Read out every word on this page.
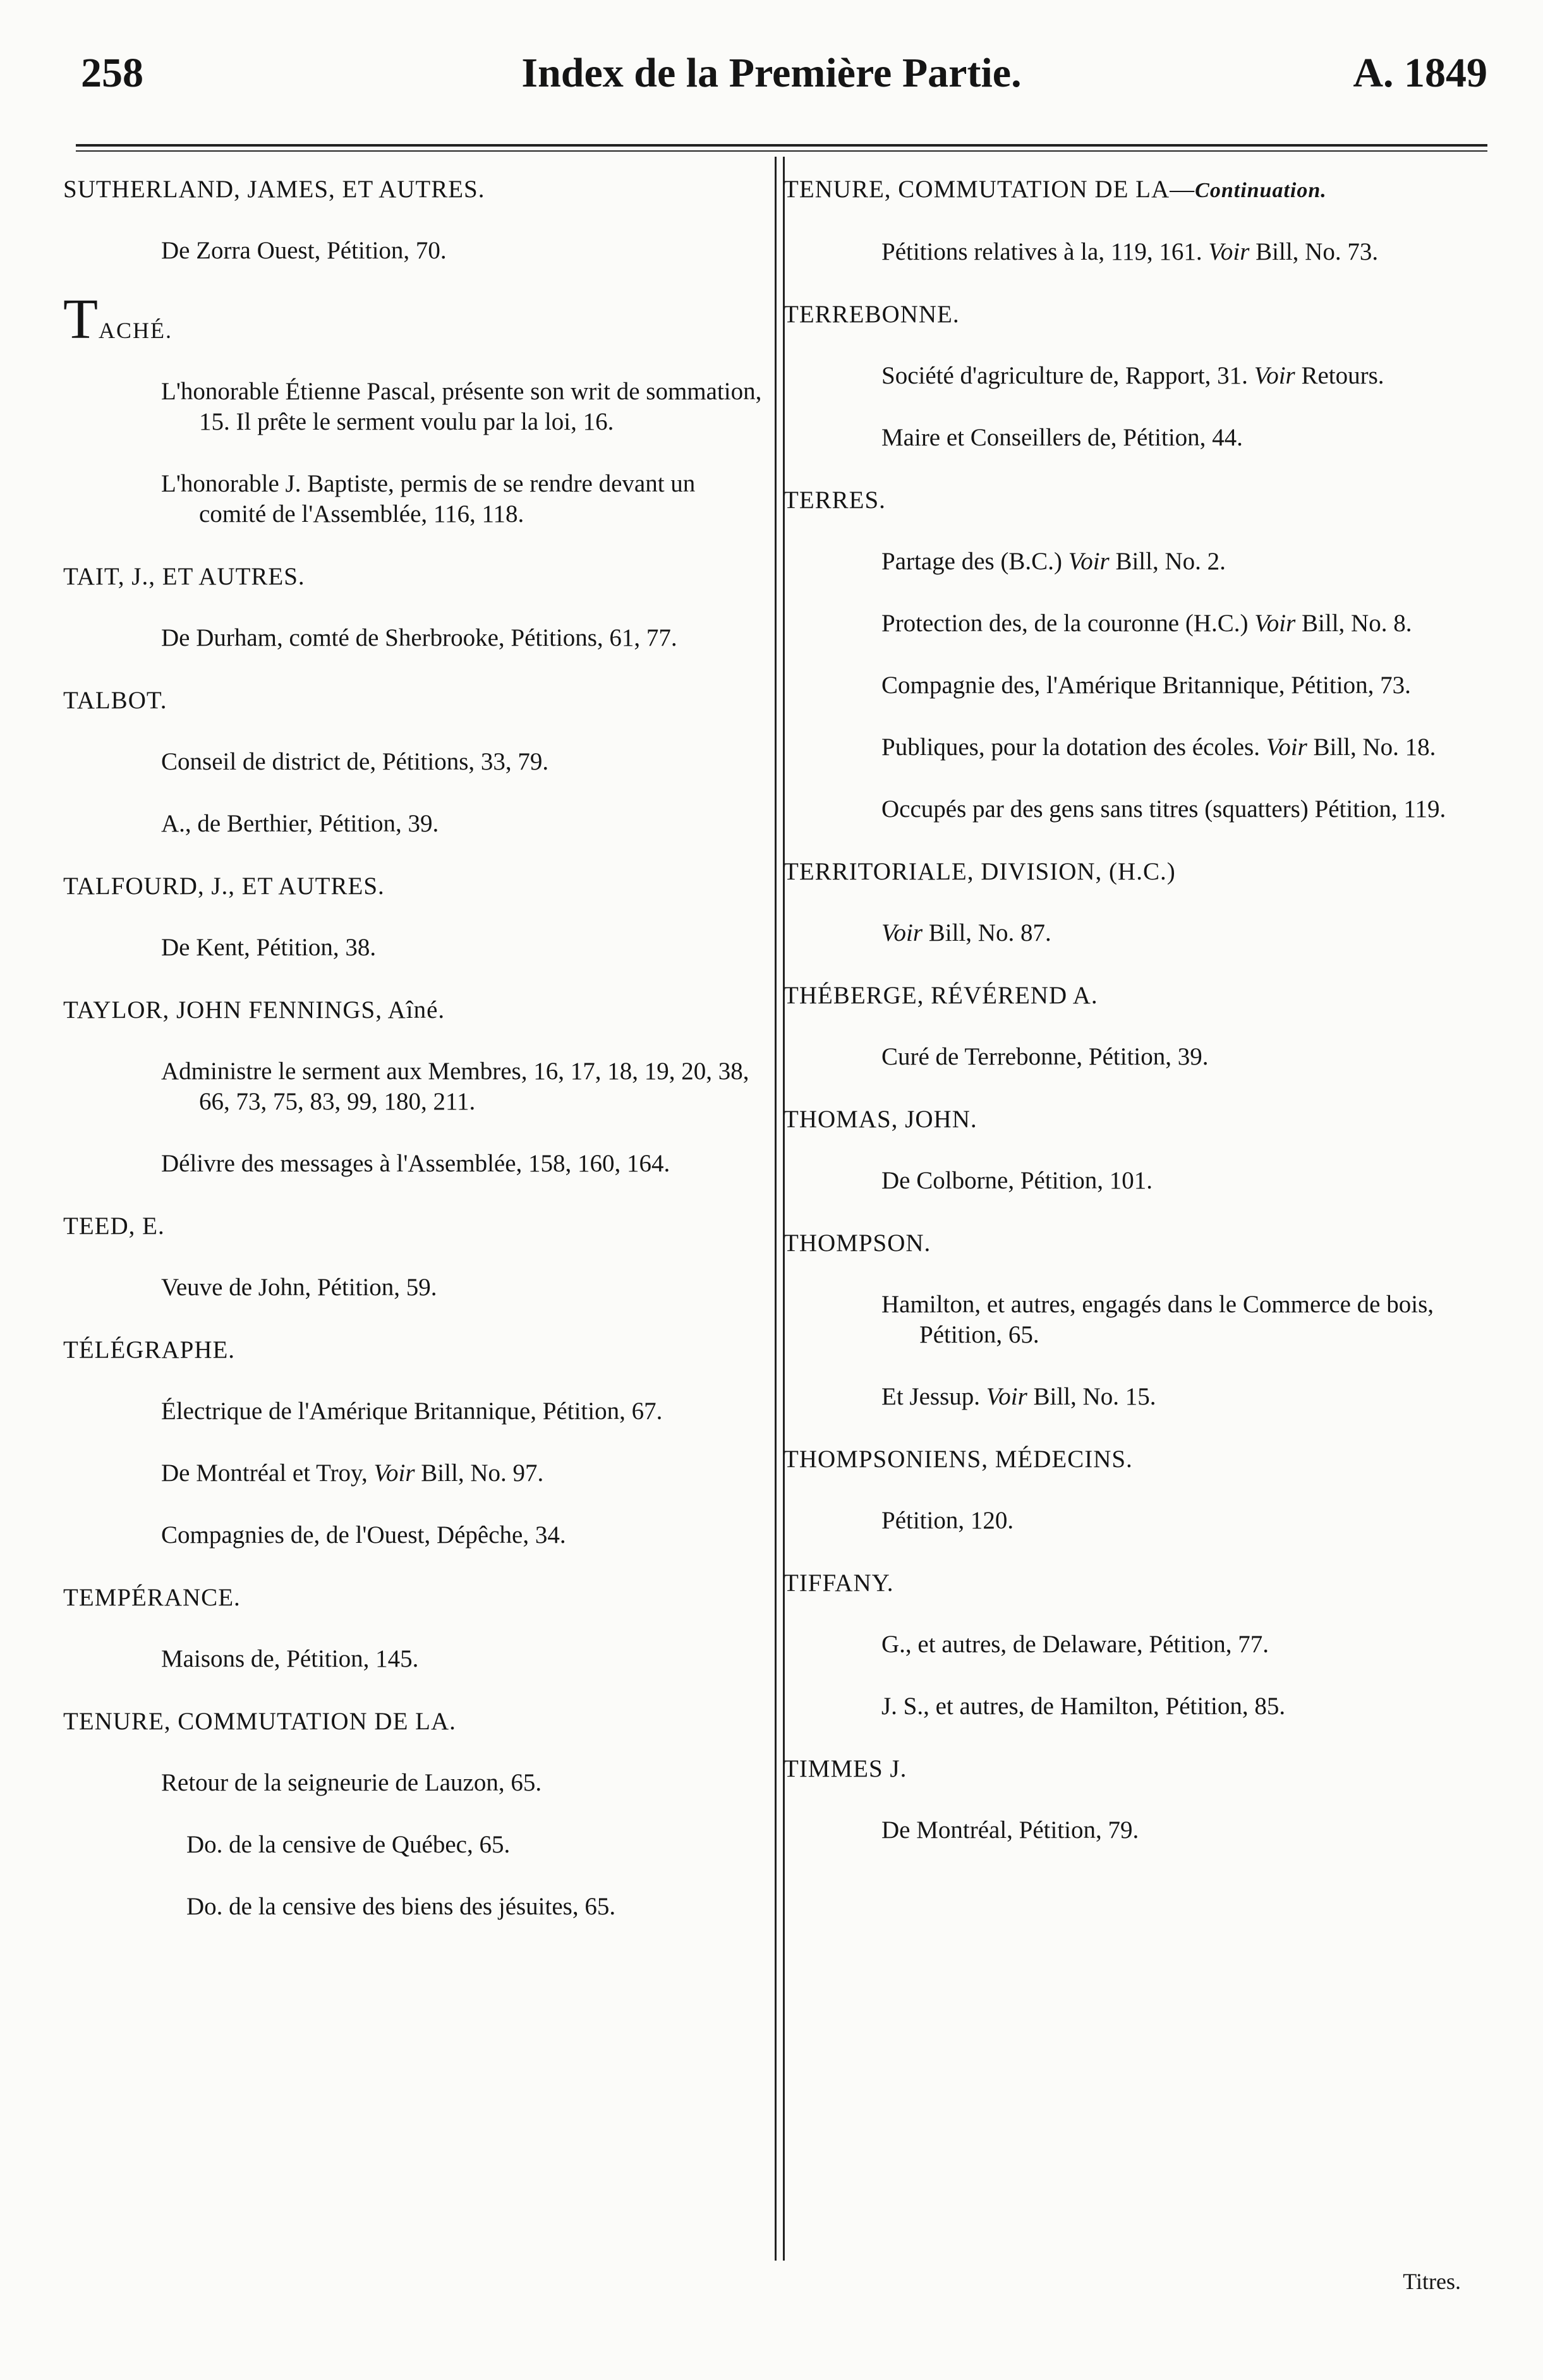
258	Index de la Première Partie.	A. 1849
SUTHERLAND, JAMES, ET AUTRES.
De Zorra Ouest, Pétition, 70.
TACHÉ.
L'honorable Étienne Pascal, présente son writ de sommation, 15. Il prête le serment voulu par la loi, 16.
L'honorable J. Baptiste, permis de se rendre devant un comité de l'Assemblée, 116, 118.
TAIT, J., ET AUTRES.
De Durham, comté de Sherbrooke, Pétitions, 61, 77.
TALBOT.
Conseil de district de, Pétitions, 33, 79.
A., de Berthier, Pétition, 39.
TALFOURD, J., ET AUTRES.
De Kent, Pétition, 38.
TAYLOR, JOHN FENNINGS, Aîné.
Administre le serment aux Membres, 16, 17, 18, 19, 20, 38, 66, 73, 75, 83, 99, 180, 211.
Délivre des messages à l'Assemblée, 158, 160, 164.
TEED, E.
Veuve de John, Pétition, 59.
TÉLÉGRAPHE.
Électrique de l'Amérique Britannique, Pétition, 67.
De Montréal et Troy, Voir Bill, No. 97.
Compagnies de, de l'Ouest, Dépêche, 34.
TEMPÉRANCE.
Maisons de, Pétition, 145.
TENURE, COMMUTATION DE LA.
Retour de la seigneurie de Lauzon, 65.
Do. de la censive de Québec, 65.
Do. de la censive des biens des jésuites, 65.
TENURE, COMMUTATION DE LA—Continuation.
Pétitions relatives à la, 119, 161. Voir Bill, No. 73.
TERREBONNE.
Société d'agriculture de, Rapport, 31. Voir Retours.
Maire et Conseillers de, Pétition, 44.
TERRES.
Partage des (B.C.) Voir Bill, No. 2.
Protection des, de la couronne (H.C.) Voir Bill, No. 8.
Compagnie des, l'Amérique Britannique, Pétition, 73.
Publiques, pour la dotation des écoles. Voir Bill, No. 18.
Occupés par des gens sans titres (squatters) Pétition, 119.
TERRITORIALE, DIVISION, (H.C.)
Voir Bill, No. 87.
THÉBERGE, RÉVÉREND A.
Curé de Terrebonne, Pétition, 39.
THOMAS, JOHN.
De Colborne, Pétition, 101.
THOMPSON.
Hamilton, et autres, engagés dans le Commerce de bois, Pétition, 65.
Et Jessup. Voir Bill, No. 15.
THOMPSONIENS, MÉDECINS.
Pétition, 120.
TIFFANY.
G., et autres, de Delaware, Pétition, 77.
J. S., et autres, de Hamilton, Pétition, 85.
TIMMES J.
De Montréal, Pétition, 79.
Titres.
